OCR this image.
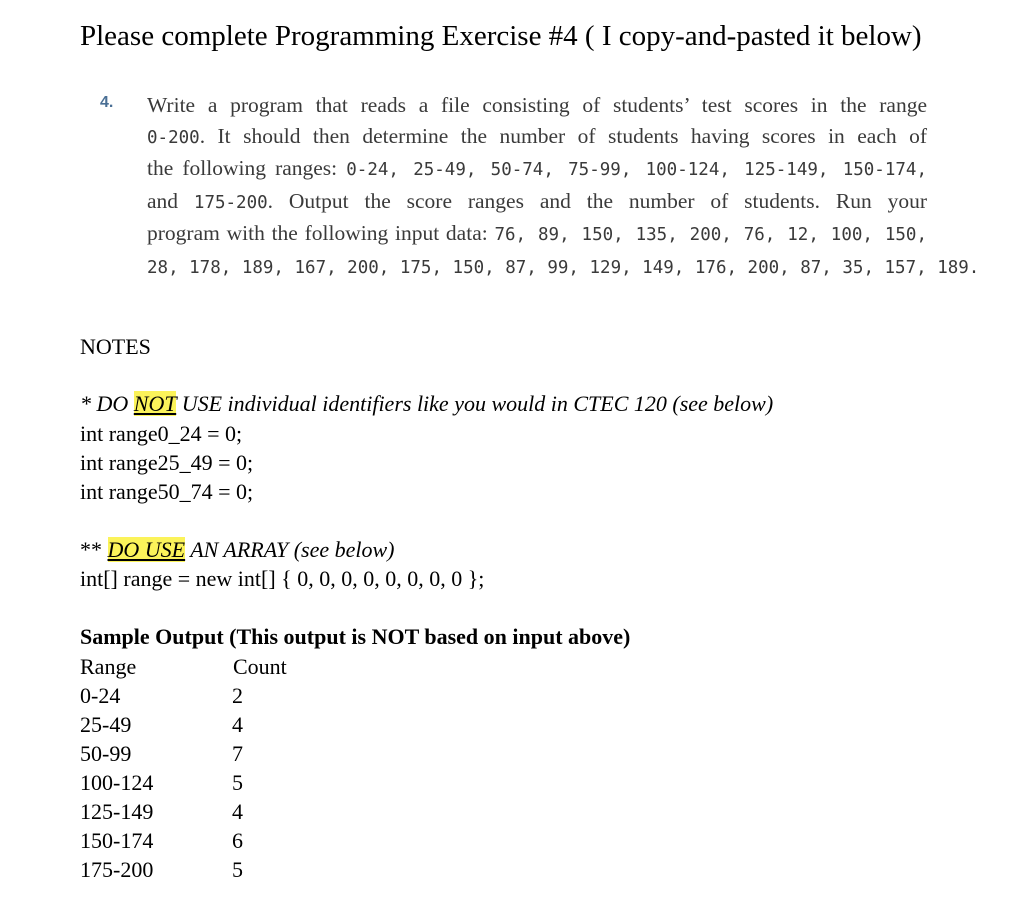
Please complete Programming Exercise #4 ( I copy-and-pasted it below)
4. Write a program that reads a file consisting of students’ test scores in the range
0-200. It should then determine the number of students having scores in each of
the following ranges: 0-24, 25-49, 50-74, 75-99, 100-124, 125-149, 150-174,
and 175-200. Output the score ranges and the number of students. Run your
program with the following input data: 76, 89, 150, 135, 200, 76, 12, 100, 150,
28, 178, 189, 167, 200, 175, 150, 87, 99, 129, 149, 176, 200, 87, 35, 157, 189.
NOTES
* DO NOT USE individual identifiers like you would in CTEC 120 (see below)
int range0_24 = 0;
int range25_49 = 0;
int range50_74 = 0;
** DO USE AN ARRAY (see below)
int[] range = new int[] { 0, 0, 0, 0, 0, 0, 0, 0 };
Sample Output (This output is NOT based on input above)
Range	Count
0-24	2
25-49	4
50-99	7
100-124	5
125-149	4
150-174	6
175-200	5
